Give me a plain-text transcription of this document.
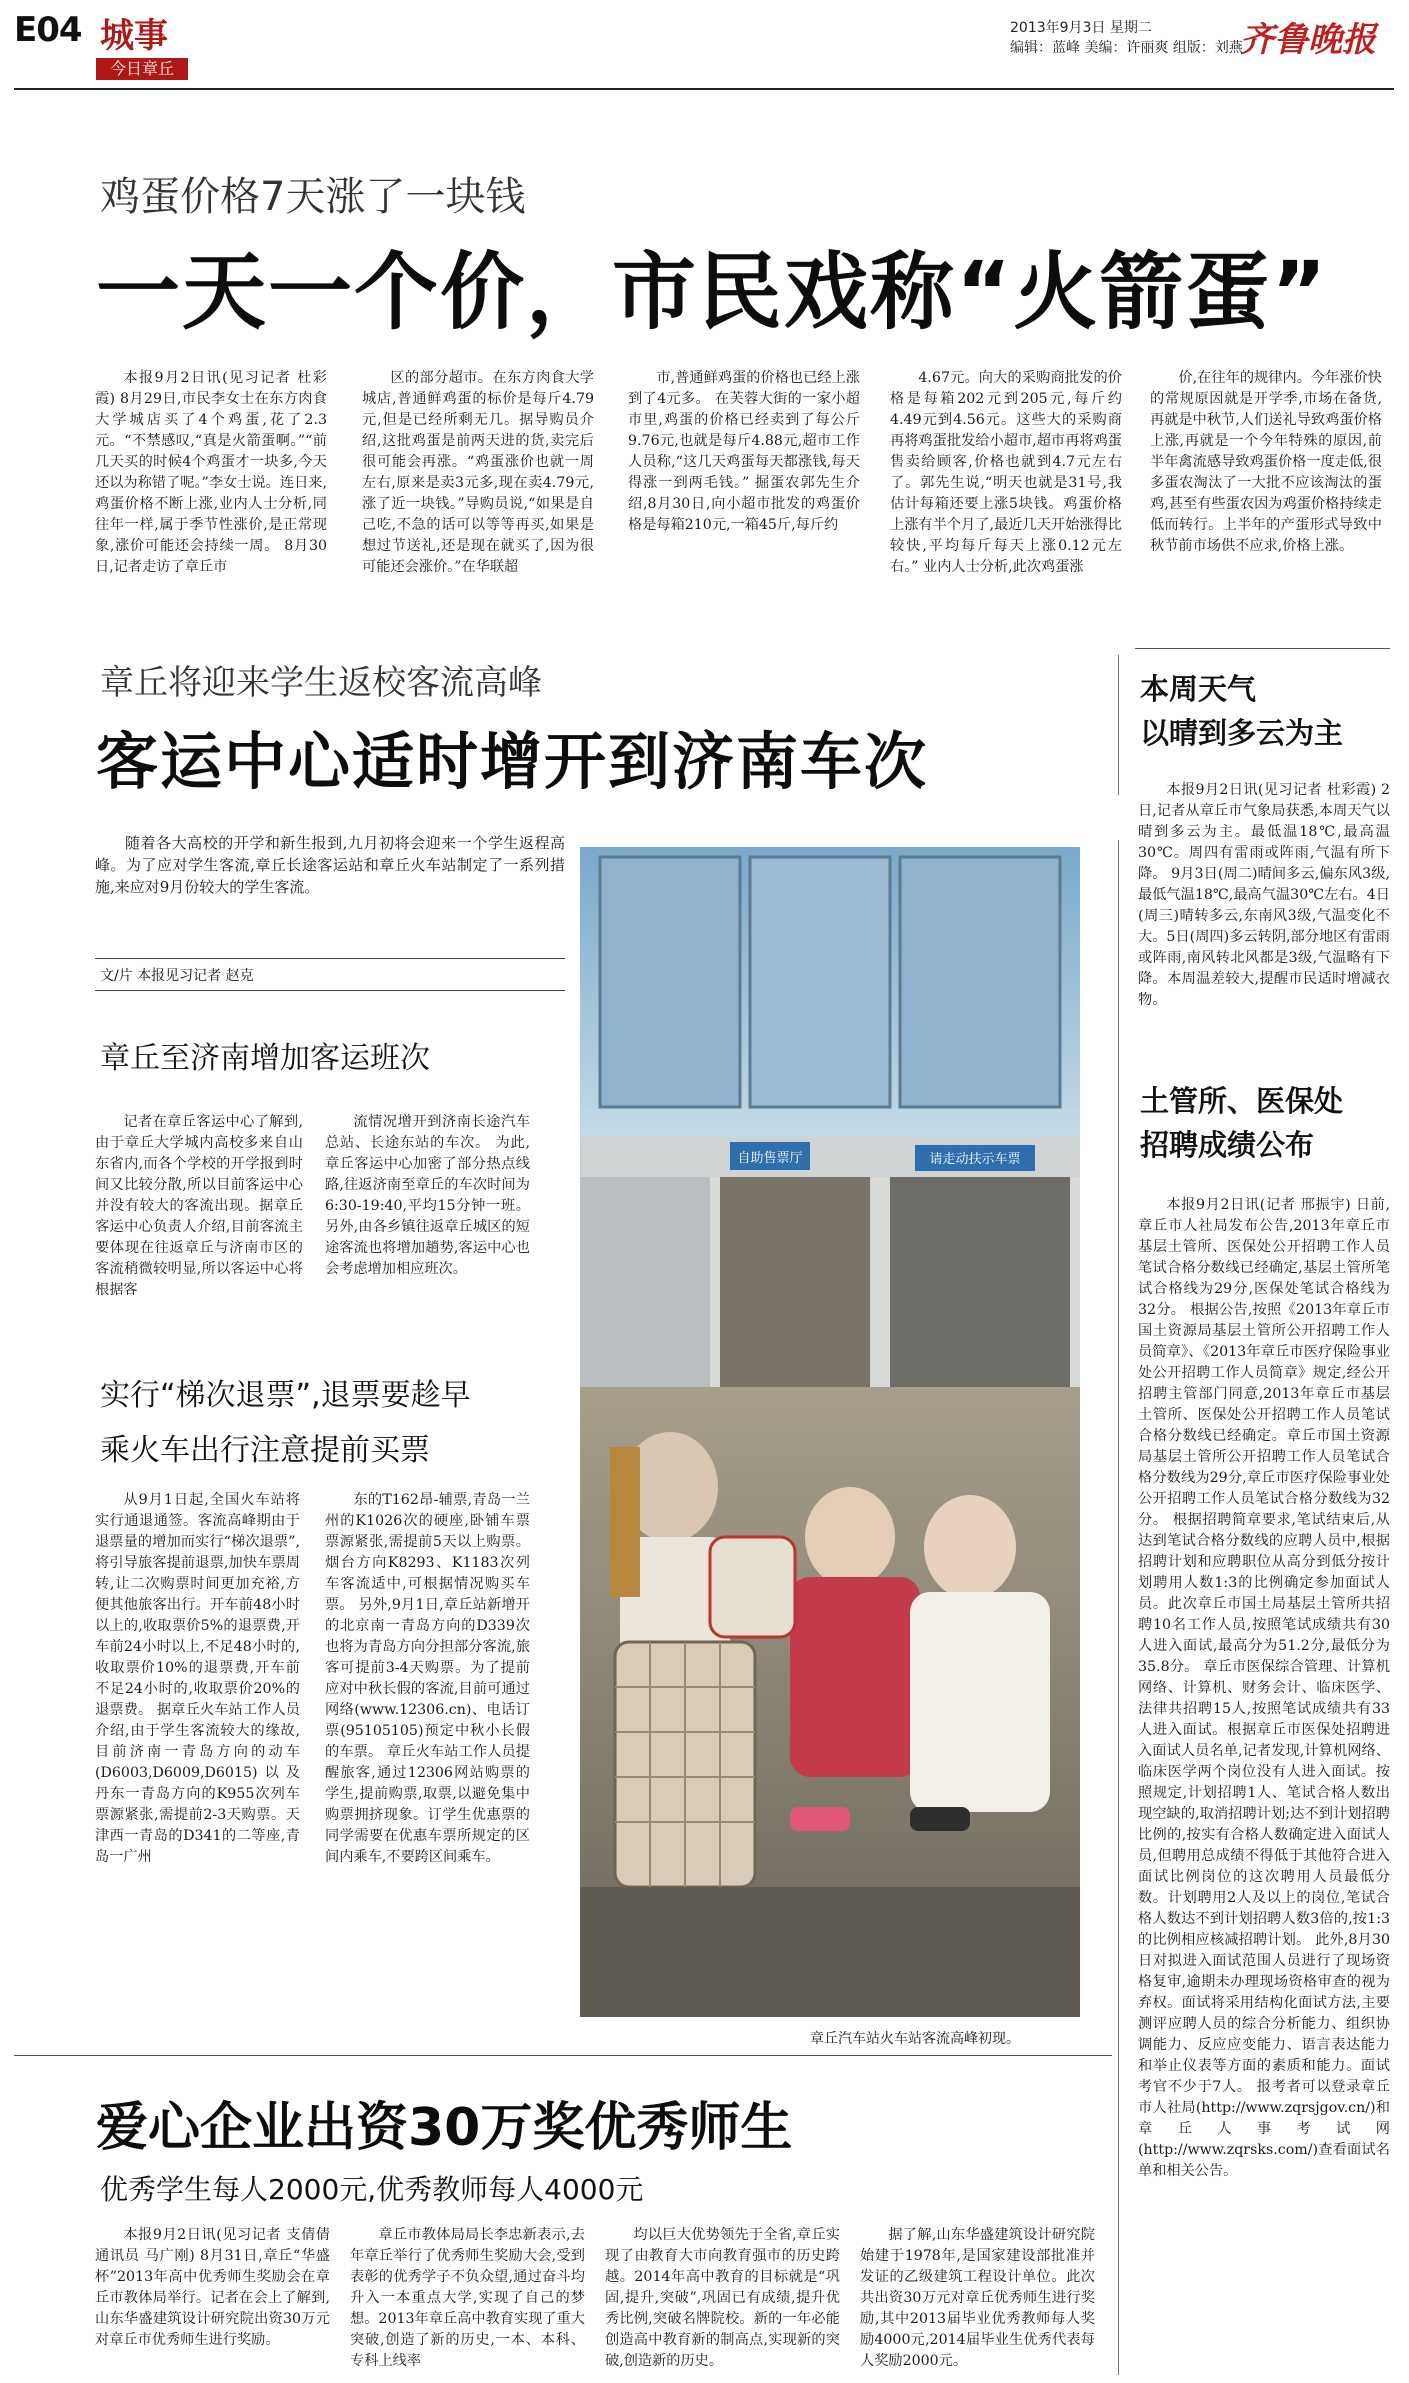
E04 城事
今日章丘
2013年9月3日 星期二
编辑：蓝峰 美编：许丽爽 组版：刘燕
齐鲁晚报
鸡蛋价格7天涨了一块钱
一天一个价，市民戏称“火箭蛋”

本报9月2日讯(见习记者 杜彩霞) 8月29日,市民李女士在东方肉食大学城店买了4个鸡蛋,花了2.3元。“不禁感叹,“真是火箭蛋啊。”“前几天买的时候4个鸡蛋才一块多,今天还以为称错了呢。”李女士说。连日来,鸡蛋价格不断上涨,业内人士分析,同往年一样,属于季节性涨价,是正常现象,涨价可能还会持续一周。 8月30日,记者走访了章丘市

区的部分超市。在东方肉食大学城店,普通鲜鸡蛋的标价是每斤4.79元,但是已经所剩无几。据导购员介绍,这批鸡蛋是前两天进的货,卖完后很可能会再涨。“鸡蛋涨价也就一周左右,原来是卖3元多,现在卖4.79元,涨了近一块钱。”导购员说,“如果是自己吃,不急的话可以等等再买,如果是想过节送礼,还是现在就买了,因为很可能还会涨价。”在华联超

市,普通鲜鸡蛋的价格也已经上涨到了4元多。 在芙蓉大街的一家小超市里,鸡蛋的价格已经卖到了每公斤9.76元,也就是每斤4.88元,超市工作人员称,“这几天鸡蛋每天都涨钱,每天得涨一到两毛钱。” 掘蛋农郭先生介绍,8月30日,向小超市批发的鸡蛋价格是每箱210元,一箱45斤,每斤约

4.67元。向大的采购商批发的价格是每箱202元到205元,每斤约4.49元到4.56元。这些大的采购商再将鸡蛋批发给小超市,超市再将鸡蛋售卖给顾客,价格也就到4.7元左右了。郭先生说,“明天也就是31号,我估计每箱还要上涨5块钱。鸡蛋价格上涨有半个月了,最近几天开始涨得比较快,平均每斤每天上涨0.12元左右。” 业内人士分析,此次鸡蛋涨

价,在往年的规律内。今年涨价快的常规原因就是开学季,市场在备货,再就是中秋节,人们送礼导致鸡蛋价格上涨,再就是一个今年特殊的原因,前半年禽流感导致鸡蛋价格一度走低,很多蛋农淘汰了一大批不应该淘汰的蛋鸡,甚至有些蛋农因为鸡蛋价格持续走低而转行。上半年的产蛋形式导致中秋节前市场供不应求,价格上涨。

章丘将迎来学生返校客流高峰
客运中心适时增开到济南车次

随着各大高校的开学和新生报到,九月初将会迎来一个学生返程高峰。为了应对学生客流,章丘长途客运站和章丘火车站制定了一系列措施,来应对9月份较大的学生客流。

文/片 本报见习记者 赵克
章丘至济南增加客运班次

记者在章丘客运中心了解到,由于章丘大学城内高校多来自山东省内,而各个学校的开学报到时间又比较分散,所以目前客运中心并没有较大的客流出现。据章丘客运中心负责人介绍,目前客流主要体现在往返章丘与济南市区的客流稍微较明显,所以客运中心将根据客

流情况增开到济南长途汽车总站、长途东站的车次。 为此,章丘客运中心加密了部分热点线路,往返济南至章丘的车次时间为6:30-19:40,平均15分钟一班。另外,由各乡镇往返章丘城区的短途客流也将增加趟势,客运中心也会考虑增加相应班次。

实行“梯次退票”,退票要趁早
乘火车出行注意提前买票

从9月1日起,全国火车站将实行通退通签。客流高峰期由于退票量的增加而实行“梯次退票”,将引导旅客提前退票,加快车票周转,让二次购票时间更加充裕,方便其他旅客出行。开车前48小时以上的,收取票价5%的退票费,开车前24小时以上,不足48小时的,收取票价10%的退票费,开车前不足24小时的,收取票价20%的退票费。 据章丘火车站工作人员介绍,由于学生客流较大的缘故,目前济南一青岛方向的动车(D6003,D6009,D6015)以及丹东一青岛方向的K955次列车票源紧张,需提前2-3天购票。天津西一青岛的D341的二等座,青岛一广州

东的T162昂-辅票,青岛一兰州的K1026次的硬座,卧铺车票票源紧张,需提前5天以上购票。烟台方向K8293、K1183次列车客流适中,可根据情况购买车票。 另外,9月1日,章丘站新增开的北京南一青岛方向的D339次也将为青岛方向分担部分客流,旅客可提前3-4天购票。为了提前应对中秋长假的客流,目前可通过网络(www.12306.cn)、电话订票(95105105)预定中秋小长假的车票。 章丘火车站工作人员提醒旅客,通过12306网站购票的学生,提前购票,取票,以避免集中购票拥挤现象。订学生优惠票的同学需要在优惠车票所规定的区间内乘车,不要跨区间乘车。

自助售票厅	请走动扶示车票
章丘汽车站火车站客流高峰初现。
本周天气
以晴到多云为主

本报9月2日讯(见习记者 杜彩霞) 2日,记者从章丘市气象局获悉,本周天气以晴到多云为主。最低温18℃,最高温30℃。周四有雷雨或阵雨,气温有所下降。 9月3日(周二)晴间多云,偏东风3级,最低气温18℃,最高气温30℃左右。4日(周三)晴转多云,东南风3级,气温变化不大。5日(周四)多云转阴,部分地区有雷雨或阵雨,南风转北风都是3级,气温略有下降。本周温差较大,提醒市民适时增减衣物。

土管所、医保处
招聘成绩公布

本报9月2日讯(记者 邢振宇) 日前,章丘市人社局发布公告,2013年章丘市基层土管所、医保处公开招聘工作人员笔试合格分数线已经确定,基层土管所笔试合格线为29分,医保处笔试合格线为32分。 根据公告,按照《2013年章丘市国土资源局基层土管所公开招聘工作人员简章》、《2013年章丘市医疗保险事业处公开招聘工作人员简章》规定,经公开招聘主管部门同意,2013年章丘市基层土管所、医保处公开招聘工作人员笔试合格分数线已经确定。章丘市国土资源局基层土管所公开招聘工作人员笔试合格分数线为29分,章丘市医疗保险事业处公开招聘工作人员笔试合格分数线为32分。 根据招聘简章要求,笔试结束后,从达到笔试合格分数线的应聘人员中,根据招聘计划和应聘职位从高分到低分按计划聘用人数1:3的比例确定参加面试人员。此次章丘市国土局基层土管所共招聘10名工作人员,按照笔试成绩共有30人进入面试,最高分为51.2分,最低分为35.8分。 章丘市医保综合管理、计算机网络、计算机、财务会计、临床医学、法律共招聘15人,按照笔试成绩共有33人进入面试。根据章丘市医保处招聘进入面试人员名单,记者发现,计算机网络、临床医学两个岗位没有人进入面试。按照规定,计划招聘1人、笔试合格人数出现空缺的,取消招聘计划;达不到计划招聘比例的,按实有合格人数确定进入面试人员,但聘用总成绩不得低于其他符合进入面试比例岗位的这次聘用人员最低分数。计划聘用2人及以上的岗位,笔试合格人数达不到计划招聘人数3倍的,按1:3的比例相应核减招聘计划。 此外,8月30日对拟进入面试范围人员进行了现场资格复审,逾期未办理现场资格审查的视为弃权。面试将采用结构化面试方法,主要测评应聘人员的综合分析能力、组织协调能力、反应应变能力、语言表达能力和举止仪表等方面的素质和能力。面试考官不少于7人。 报考者可以登录章丘市人社局(http://www.zqrsjgov.cn/)和章丘人事考试网(http://www.zqrsks.com/)查看面试名单和相关公告。

爱心企业出资30万奖优秀师生
优秀学生每人2000元,优秀教师每人4000元

本报9月2日讯(见习记者 支倩倩 通讯员 马广刚) 8月31日,章丘“华盛杯”2013年高中优秀师生奖励会在章丘市教体局举行。记者在会上了解到,山东华盛建筑设计研究院出资30万元对章丘市优秀师生进行奖励。

章丘市教体局局长李忠新表示,去年章丘举行了优秀师生奖励大会,受到表彰的优秀学子不负众望,通过奋斗均升入一本重点大学,实现了自己的梦想。2013年章丘高中教育实现了重大突破,创造了新的历史,一本、本科、专科上线率

均以巨大优势领先于全省,章丘实现了由教育大市向教育强市的历史跨越。2014年高中教育的目标就是“巩固,提升,突破”,巩固已有成绩,提升优秀比例,突破名牌院校。新的一年必能创造高中教育新的制高点,实现新的突破,创造新的历史。

据了解,山东华盛建筑设计研究院始建于1978年,是国家建设部批准并发证的乙级建筑工程设计单位。此次共出资30万元对章丘优秀师生进行奖励,其中2013届毕业优秀教师每人奖励4000元,2014届毕业生优秀代表每人奖励2000元。
